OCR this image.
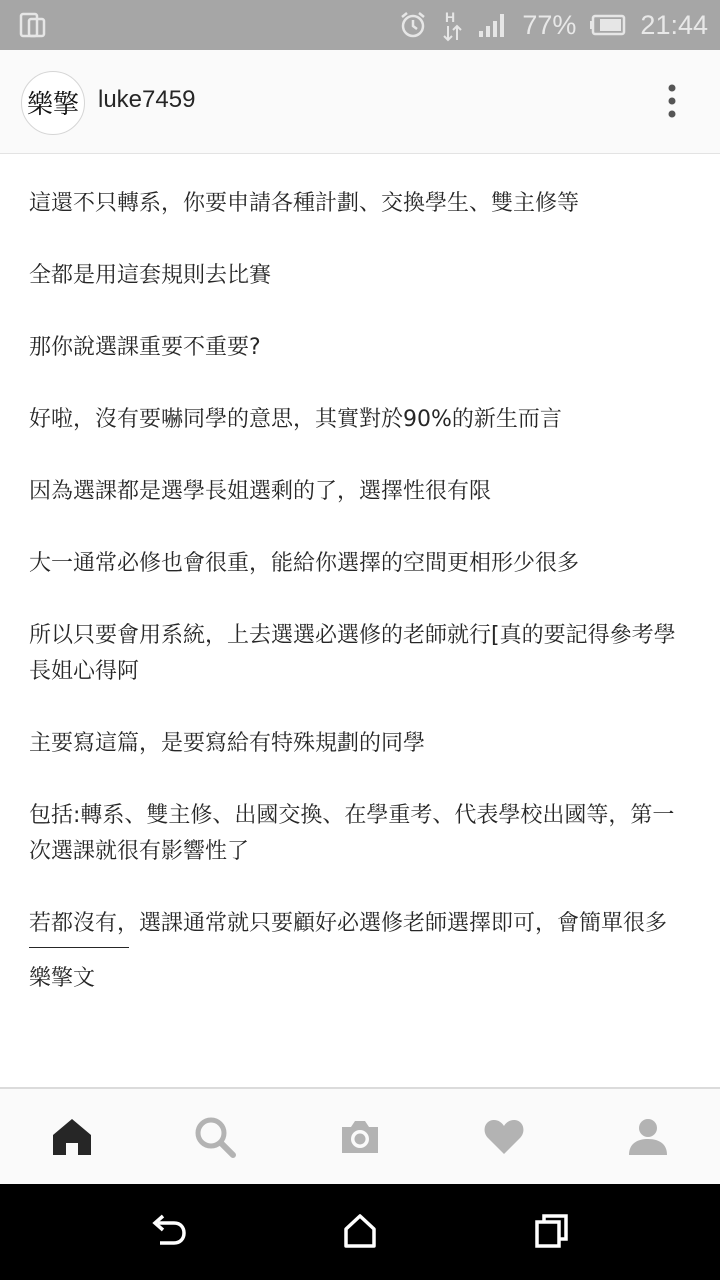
H 77% 21:44
樂擎 luke7459

這還不只轉系，你要申請各種計劃、交換學生、雙主修等

全都是用這套規則去比賽

那你說選課重要不重要?

好啦，沒有要嚇同學的意思，其實對於90%的新生而言

因為選課都是選學長姐選剩的了，選擇性很有限

大一通常必修也會很重，能給你選擇的空間更相形少很多

所以只要會用系統，上去選選必選修的老師就行[真的要記得參考學長姐心得阿

主要寫這篇，是要寫給有特殊規劃的同學

包括:轉系、雙主修、出國交換、在學重考、代表學校出國等，第一次選課就很有影響性了

若都沒有，選課通常就只要顧好必選修老師選擇即可，會簡單很多

樂擎文
